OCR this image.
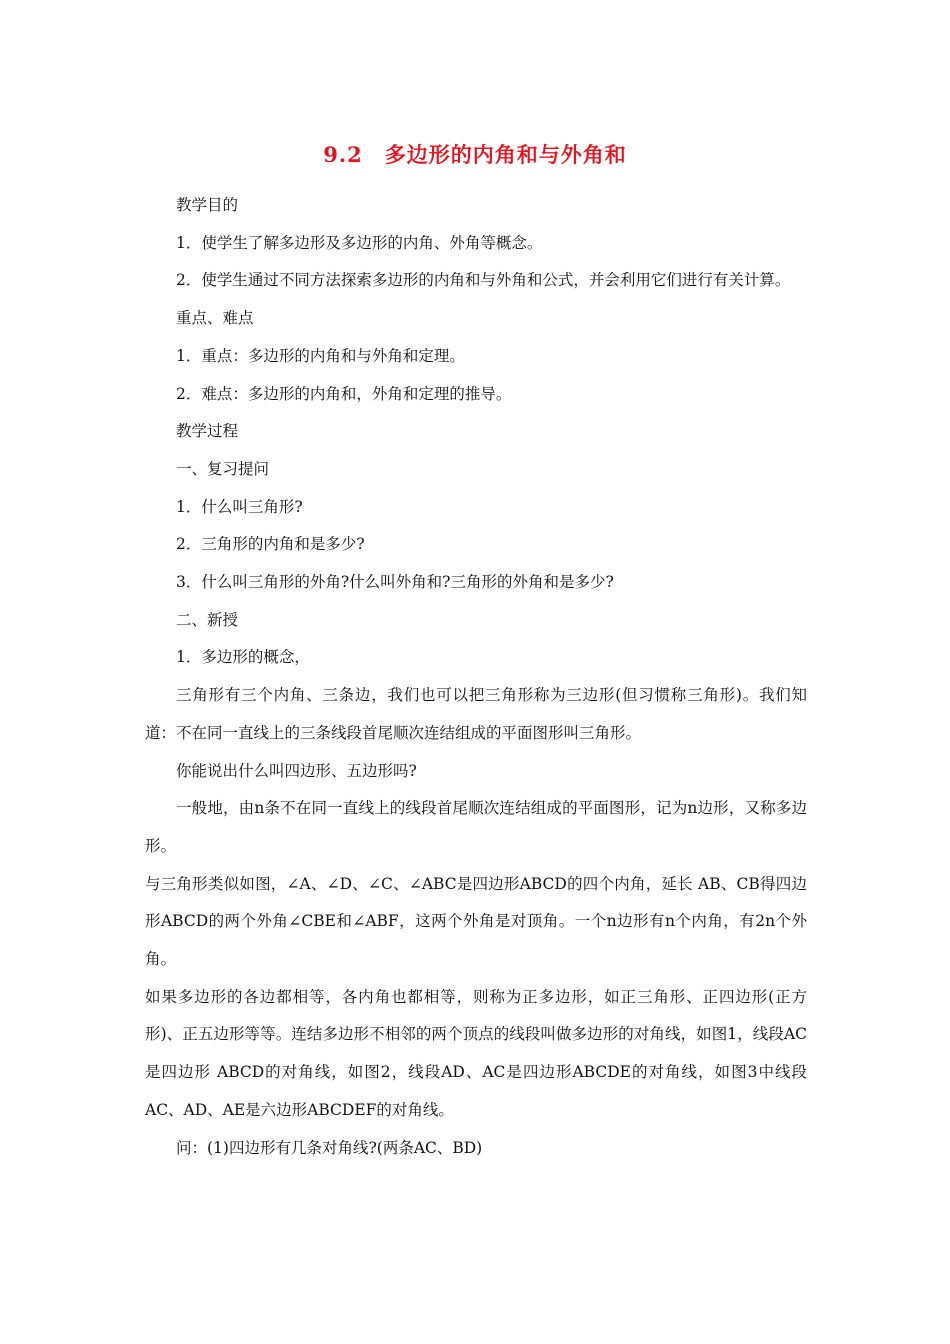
9.2　多边形的内角和与外角和

教学目的

1．使学生了解多边形及多边形的内角、外角等概念。

2．使学生通过不同方法探索多边形的内角和与外角和公式，并会利用它们进行有关计算。

重点、难点

1．重点：多边形的内角和与外角和定理。

2．难点：多边形的内角和，外角和定理的推导。

教学过程

一、复习提问

1．什么叫三角形?

2．三角形的内角和是多少?

3．什么叫三角形的外角?什么叫外角和?三角形的外角和是多少?

二、新授

1．多边形的概念，

三角形有三个内角、三条边，我们也可以把三角形称为三边形(但习惯称三角形)。我们知道：不在同一直线上的三条线段首尾顺次连结组成的平面图形叫三角形。

你能说出什么叫四边形、五边形吗?

一般地，由n条不在同一直线上的线段首尾顺次连结组成的平面图形，记为n边形，又称多边形。

与三角形类似如图，∠A、∠D、∠C、∠ABC是四边形ABCD的四个内角，延长 AB、CB得四边形ABCD的两个外角∠CBE和∠ABF，这两个外角是对顶角。一个n边形有n个内角，有2n个外角。

如果多边形的各边都相等，各内角也都相等，则称为正多边形，如正三角形、正四边形(正方形)、正五边形等等。连结多边形不相邻的两个顶点的线段叫做多边形的对角线，如图1，线段AC是四边形 ABCD的对角线，如图2，线段AD、AC是四边形ABCDE的对角线，如图3中线段AC、AD、AE是六边形ABCDEF的对角线。

问：(1)四边形有几条对角线?(两条AC、BD)
